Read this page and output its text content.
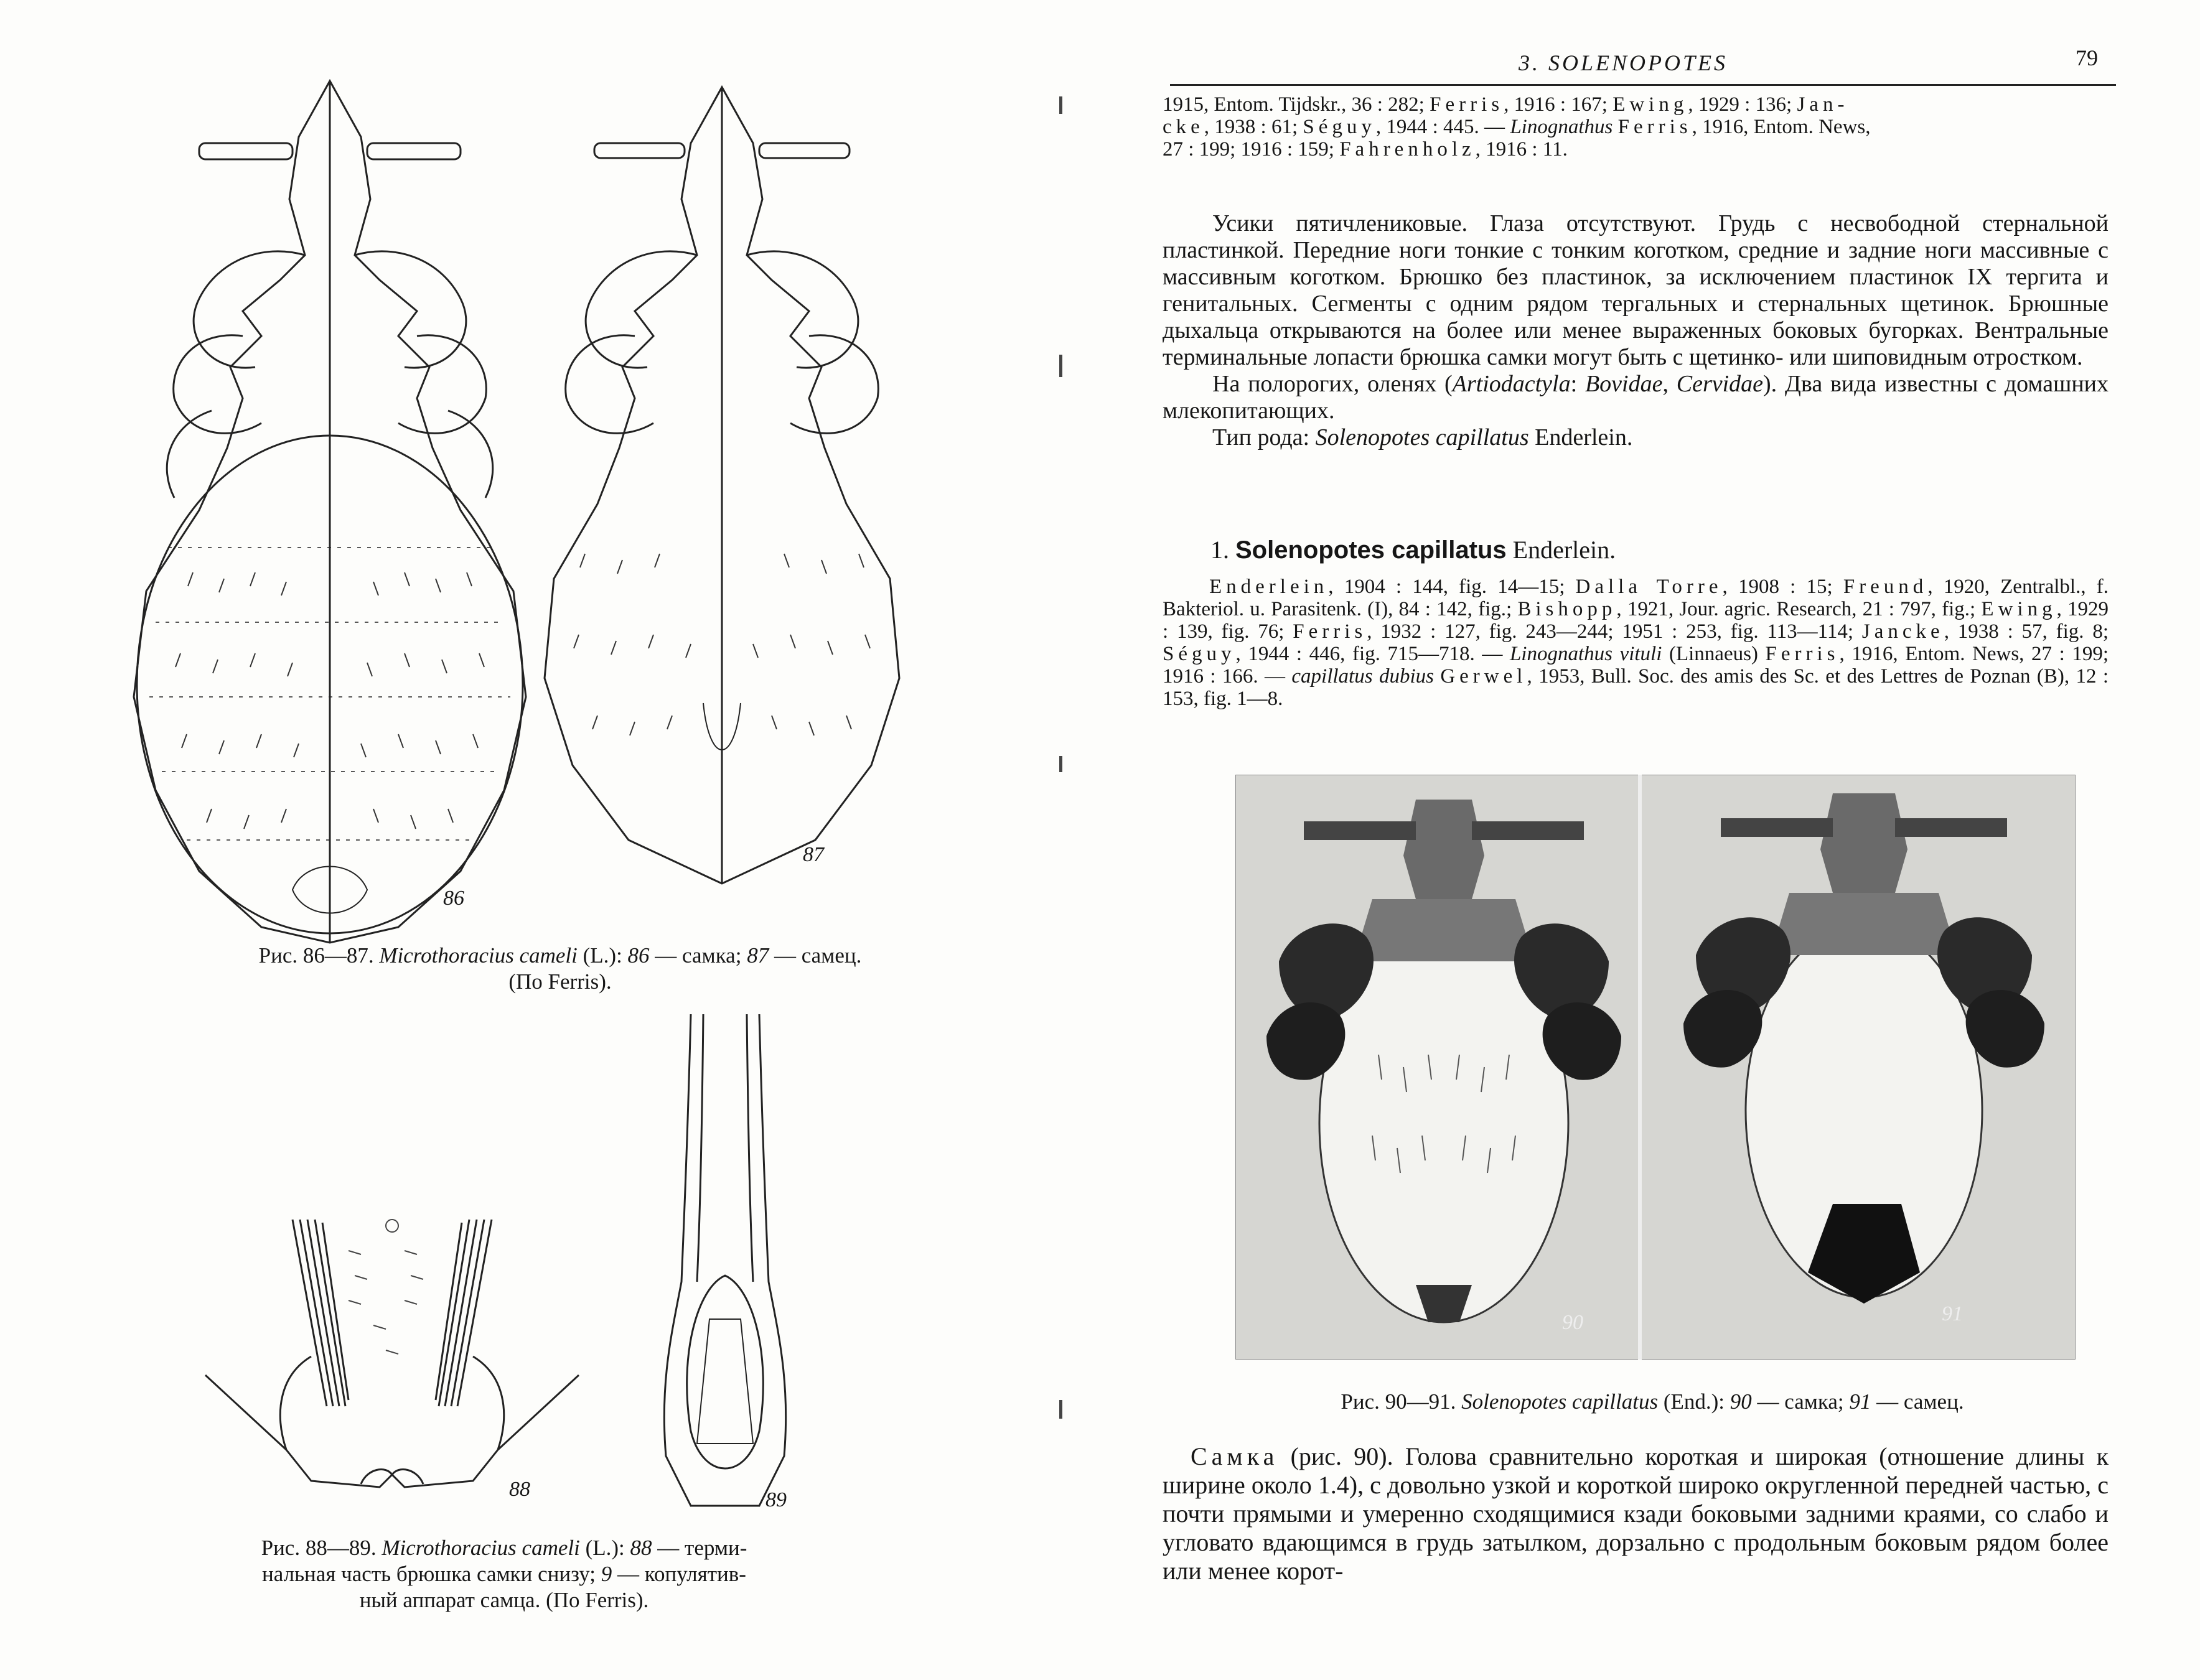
86
87
Рис. 86—87. Microthoracius cameli (L.): 86 — самка; 87 — самец.
(По Ferris).
88	89
Рис. 88—89. Microthoracius cameli (L.): 88 — терми-
нальная часть брюшка самки снизу; 9 — копулятив-
ный аппарат самца. (По Ferris).
3. SOLENOPOTES	79
1915, Entom. Tijdskr., 36 : 282; Ferris, 1916 : 167; Ewing, 1929 : 136; Jan-
cke, 1938 : 61; Séguy, 1944 : 445. — Linognathus Ferris, 1916, Entom. News,
27 : 199; 1916 : 159; Fahrenholz, 1916 : 11.

Усики пятичлениковые. Глаза отсутствуют. Грудь с несвободной стернальной пластинкой. Передние ноги тонкие с тонким коготком, средние и задние ноги массивные с массивным коготком. Брюшко без пластинок, за исключением пластинок IX тергита и генитальных. Сегменты с одним рядом тергальных и стернальных щетинок. Брюшные дыхальца открываются на более или менее выраженных боковых бугорках. Вентральные терминальные лопасти брюшка самки могут быть с щетинко- или шиповидным отростком.

На полорогих, оленях (Artiodactyla: Bovidae, Cervidae). Два вида известны с домашних млекопитающих.

Тип рода: Solenopotes capillatus Enderlein.

1. Solenopotes capillatus Enderlein.
Enderlein, 1904 : 144, fig. 14—15; Dalla Torre, 1908 : 15; Freund, 1920, Zentralbl., f. Bakteriol. u. Parasitenk. (I), 84 : 142, fig.; Bishopp, 1921, Jour. agric. Research, 21 : 797, fig.; Ewing, 1929 : 139, fig. 76; Ferris, 1932 : 127, fig. 243—244; 1951 : 253, fig. 113—114; Jancke, 1938 : 57, fig. 8; Séguy, 1944 : 446, fig. 715—718. — Linognathus vituli (Linnaeus) Ferris, 1916, Entom. News, 27 : 199; 1916 : 166. — capillatus dubius Gerwel, 1953, Bull. Soc. des amis des Sc. et des Lettres de Poznan (B), 12 : 153, fig. 1—8.
90	91
Рис. 90—91. Solenopotes capillatus (End.): 90 — самка; 91 — самец.

Самка (рис. 90). Голова сравнительно короткая и широкая (отношение длины к ширине около 1.4), с довольно узкой и короткой широко округленной передней частью, с почти прямыми и умеренно сходящимися кзади боковыми задними краями, со слабо и угловато вдающимся в грудь затылком, дорзально с продольным боковым рядом более или менее корот-
